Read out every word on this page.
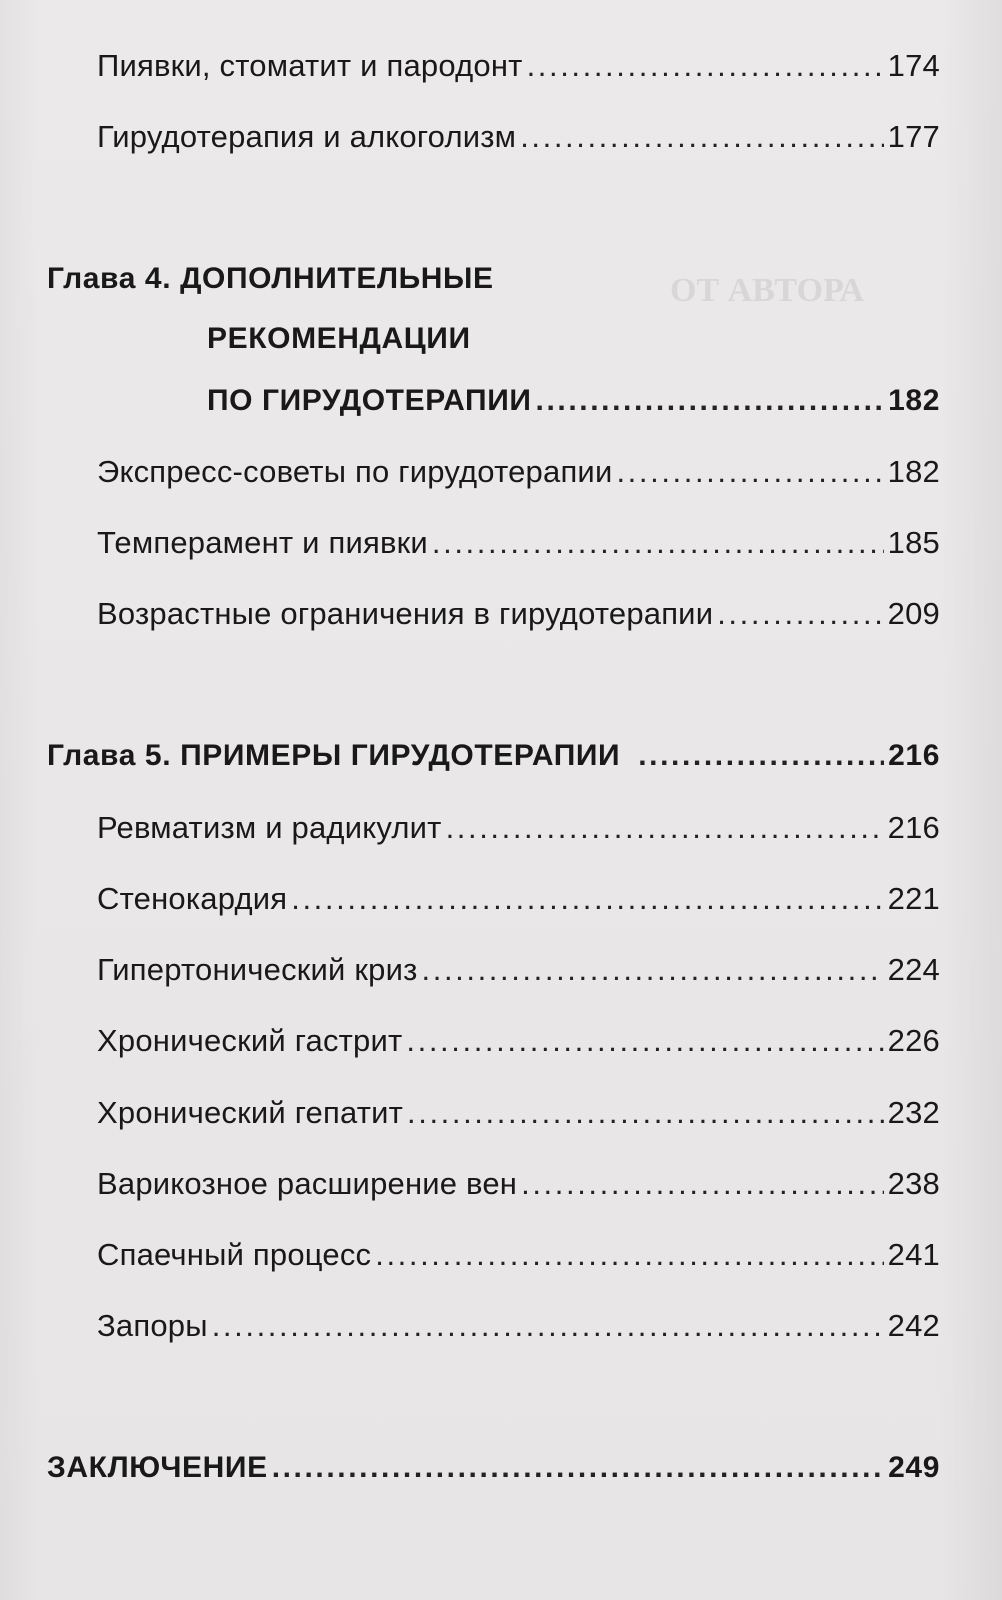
ОТ АВТОРА
Пиявки, стоматит и пародонт .....	174
Гирудотерапия и алкоголизм .....	177
Глава 4. ДОПОЛНИТЕЛЬНЫЕ
РЕКОМЕНДАЦИИ
ПО ГИРУДОТЕРАПИИ .....	182
Экспресс-советы по гирудотерапии .....	182
Темперамент и пиявки .....	185
Возрастные ограничения в гирудотерапии .....	209
Глава 5. ПРИМЕРЫ ГИРУДОТЕРАПИИ .....	216
Ревматизм и радикулит .....	216
Стенокардия .....	221
Гипертонический криз .....	224
Хронический гастрит .....	226
Хронический гепатит .....	232
Варикозное расширение вен .....	238
Спаечный процесс .....	241
Запоры .....	242
ЗАКЛЮЧЕНИЕ .....	249
